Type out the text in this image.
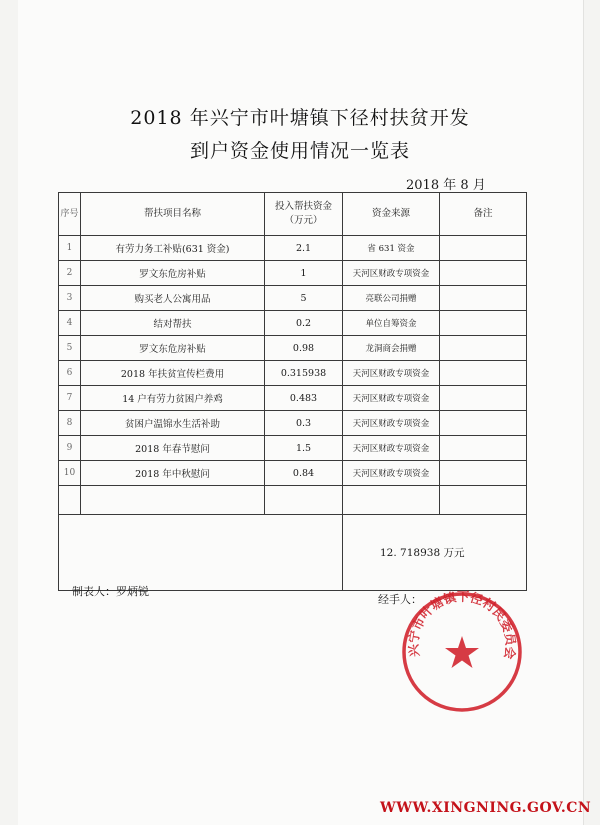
2018 年兴宁市叶塘镇下径村扶贫开发
到户资金使用情况一览表
2018 年 8 月
序号	帮扶项目名称	投入帮扶资金（万元）	资金来源	备注
1	有劳力务工补贴(631 资金)	2.1	省 631 资金	
2	罗文东危房补贴	1	天河区财政专项资金	
3	购买老人公寓用品	5	亮联公司捐赠	
4	结对帮扶	0.2	单位自筹资金	
5	罗文东危房补贴	0.98	龙洞商会捐赠	
6	2018 年扶贫宣传栏费用	0.315938	天河区财政专项资金	
7	14 户有劳力贫困户养鸡	0.483	天河区财政专项资金	
8	贫困户温锦水生活补助	0.3	天河区财政专项资金	
9	2018 年春节慰问	1.5	天河区财政专项资金	
10	2018 年中秋慰问	0.84	天河区财政专项资金	

12. 718938 万元
制表人：罗炳锐
经手人：
兴宁市叶塘镇下径村民委员会
WWW.XINGNING.GOV.CN
